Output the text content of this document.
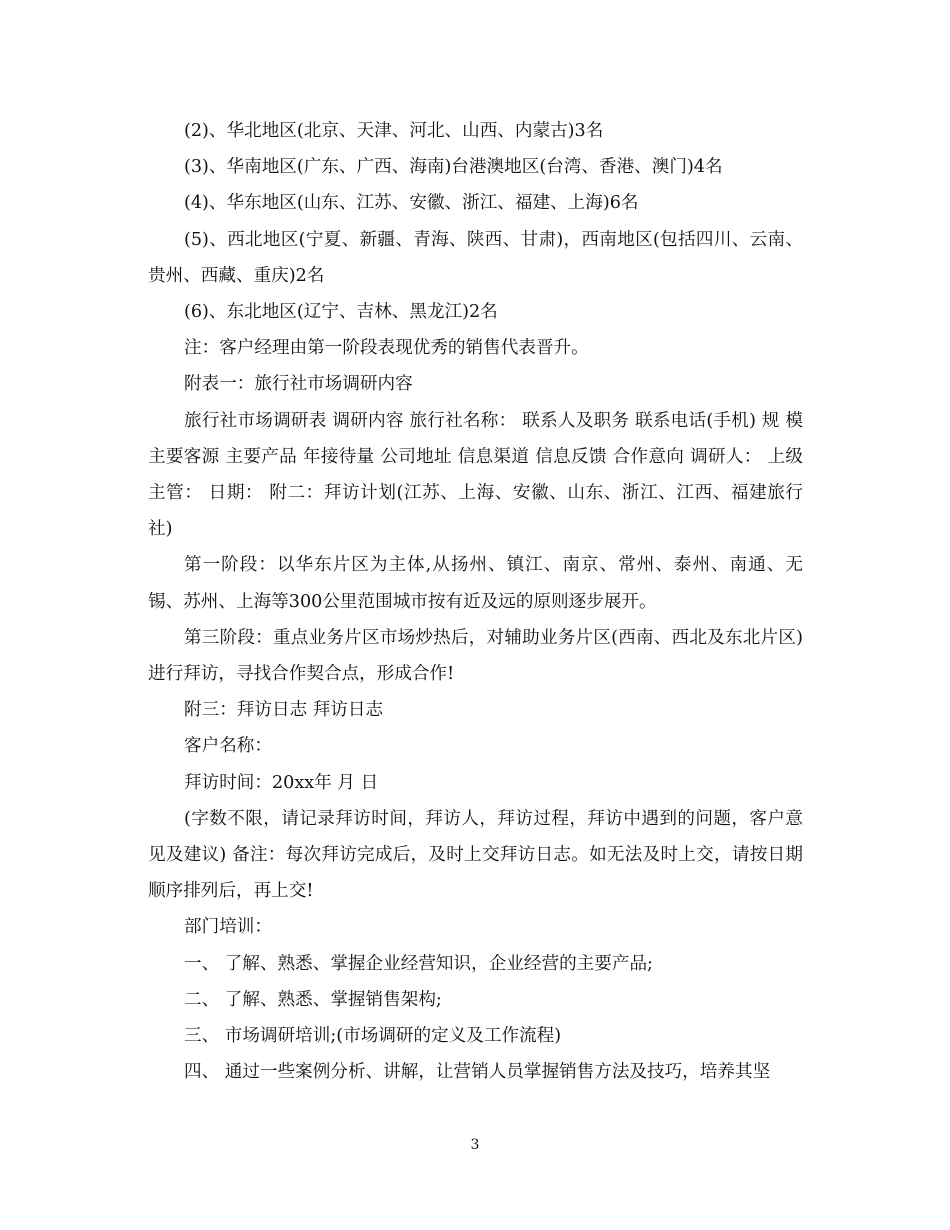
(2)、华北地区(北京、天津、河北、山西、内蒙古)3名

(3)、华南地区(广东、广西、海南)台港澳地区(台湾、香港、澳门)4名

(4)、华东地区(山东、江苏、安徽、浙江、福建、上海)6名

(5)、西北地区(宁夏、新疆、青海、陕西、甘肃)，西南地区(包括四川、云南、贵州、西藏、重庆)2名

(6)、东北地区(辽宁、吉林、黑龙江)2名

注：客户经理由第一阶段表现优秀的销售代表晋升。

附表一：旅行社市场调研内容

旅行社市场调研表 调研内容 旅行社名称： 联系人及职务 联系电话(手机) 规 模 主要客源 主要产品 年接待量 公司地址 信息渠道 信息反馈 合作意向 调研人： 上级主管： 日期： 附二：拜访计划(江苏、上海、安徽、山东、浙江、江西、福建旅行社)

第一阶段：以华东片区为主体,从扬州、镇江、南京、常州、泰州、南通、无锡、苏州、上海等300公里范围城市按有近及远的原则逐步展开。

第三阶段：重点业务片区市场炒热后，对辅助业务片区(西南、西北及东北片区)进行拜访，寻找合作契合点，形成合作!

附三：拜访日志 拜访日志

客户名称：

拜访时间：20xx年 月 日

(字数不限，请记录拜访时间，拜访人，拜访过程，拜访中遇到的问题，客户意见及建议) 备注：每次拜访完成后，及时上交拜访日志。如无法及时上交，请按日期顺序排列后，再上交!

部门培训：

一、 了解、熟悉、掌握企业经营知识，企业经营的主要产品;

二、 了解、熟悉、掌握销售架构;

三、 市场调研培训;(市场调研的定义及工作流程)

四、 通过一些案例分析、讲解，让营销人员掌握销售方法及技巧，培养其坚

3
